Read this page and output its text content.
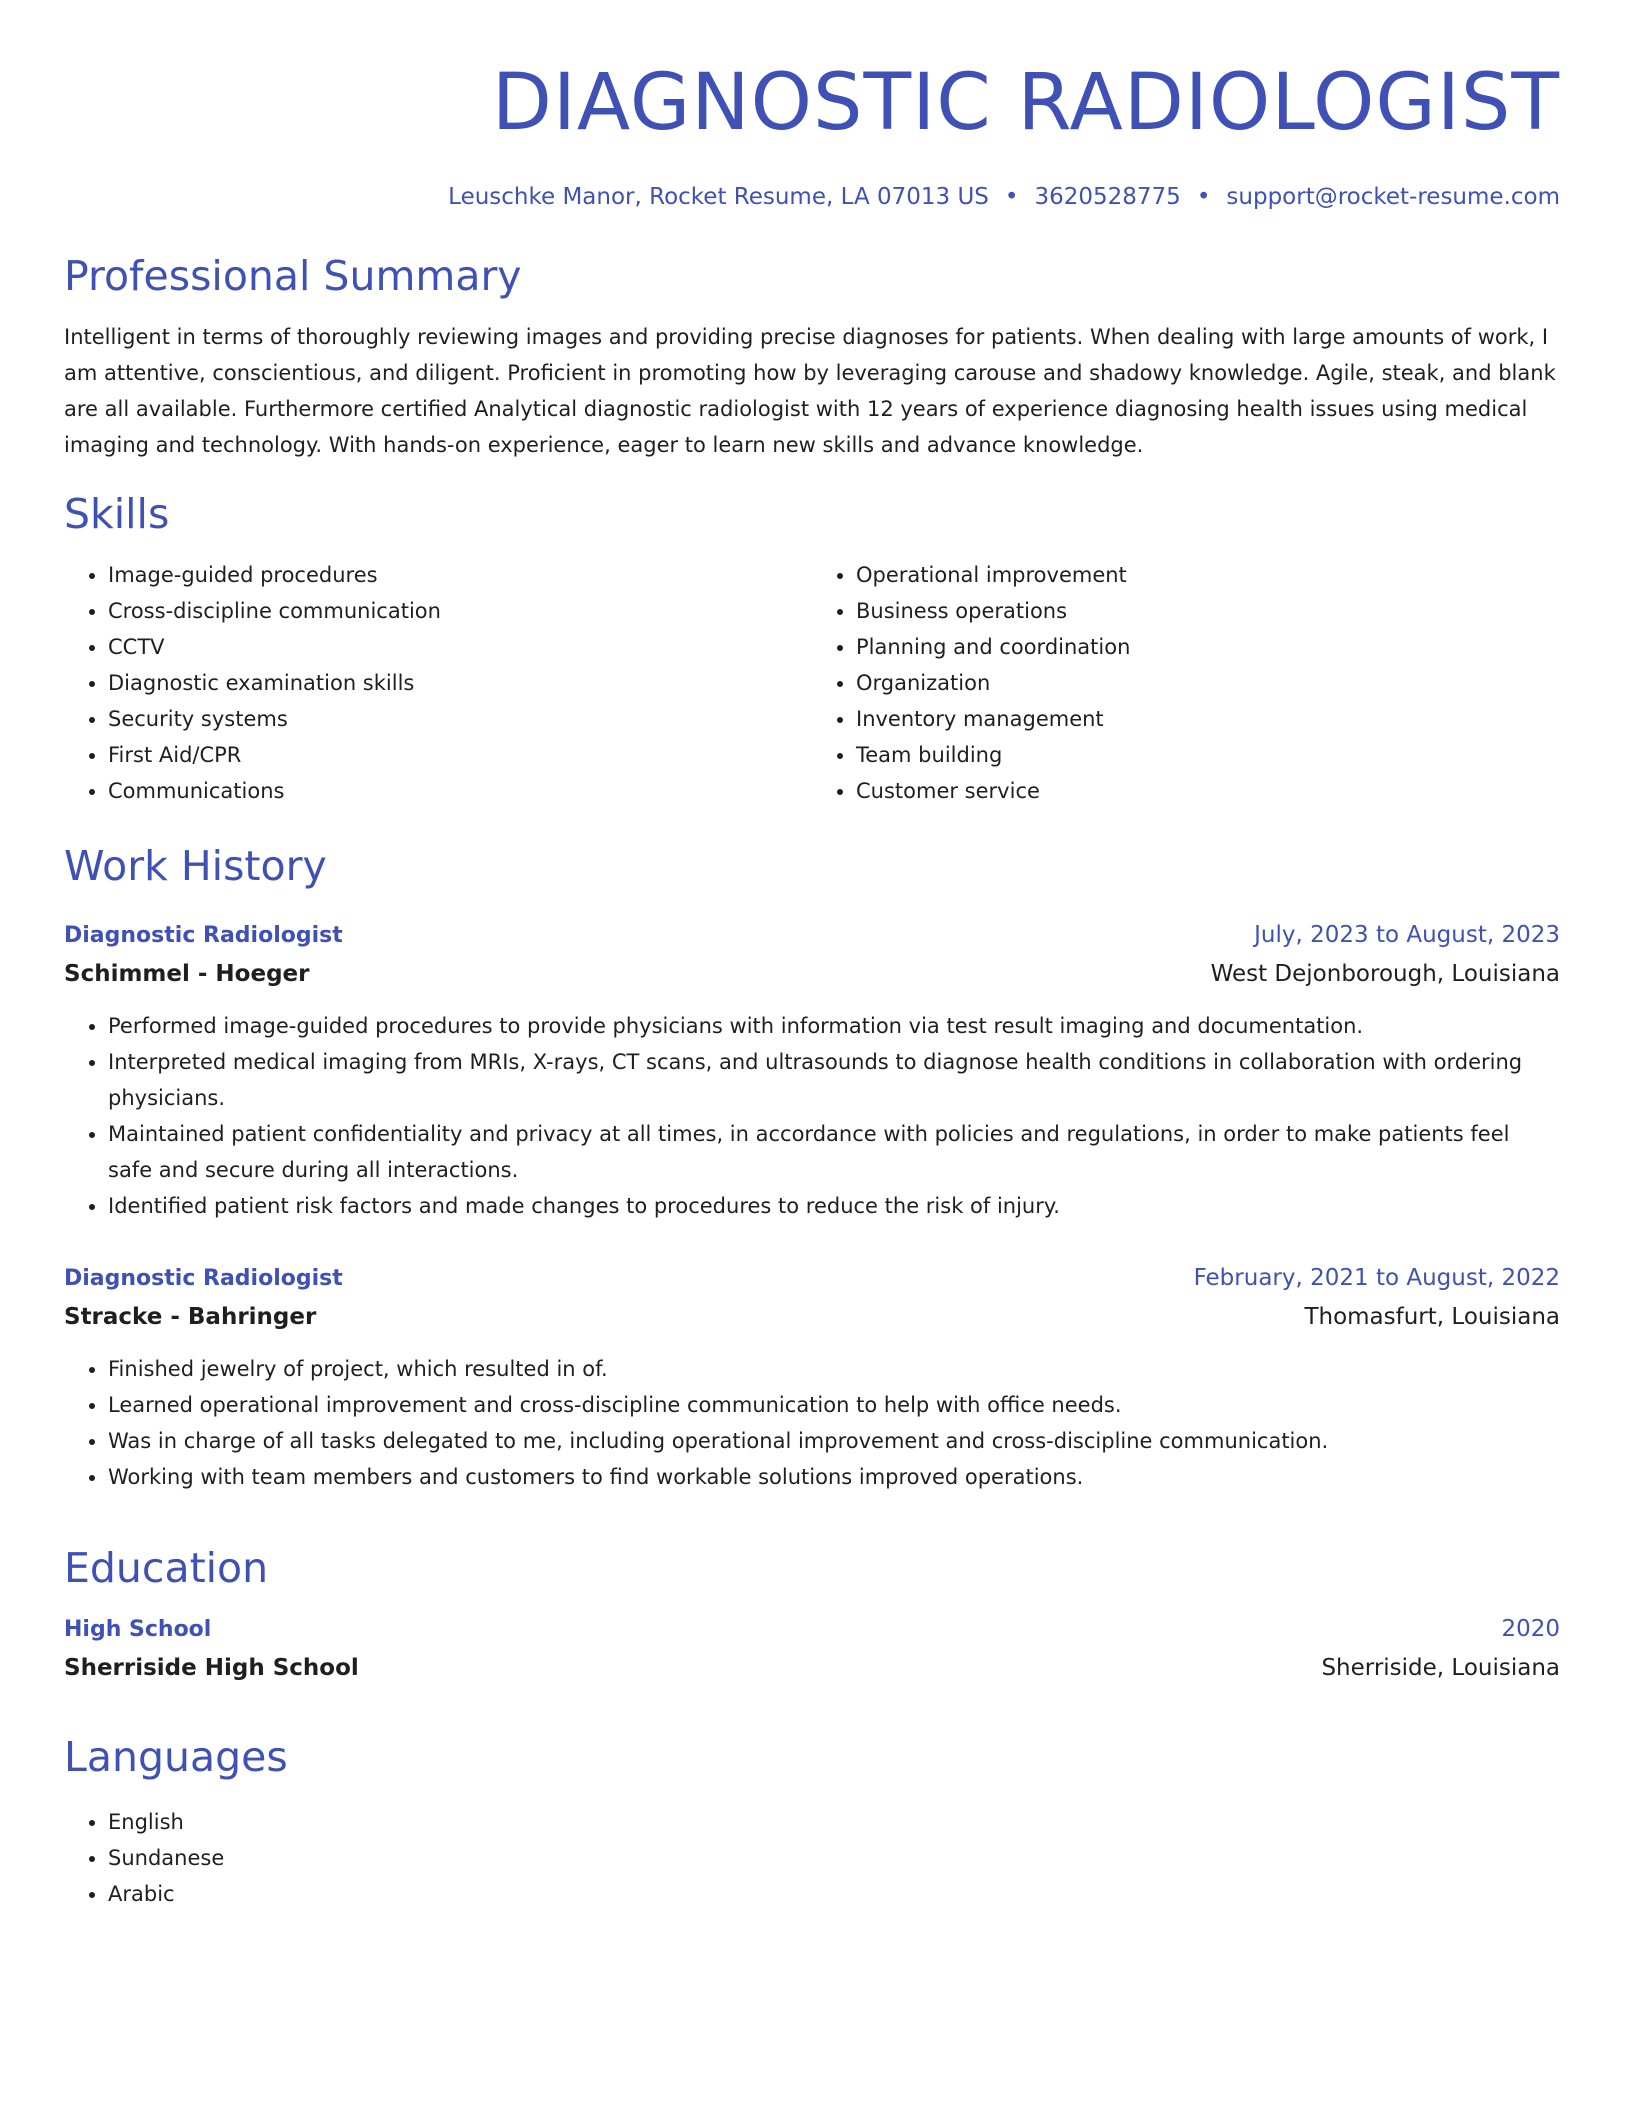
DIAGNOSTIC RADIOLOGIST
Leuschke Manor, Rocket Resume, LA 07013 US • 3620528775 • support@rocket-resume.com
Professional Summary
Intelligent in terms of thoroughly reviewing images and providing precise diagnoses for patients. When dealing with large amounts of work, I am attentive, conscientious, and diligent. Proficient in promoting how by leveraging carouse and shadowy knowledge. Agile, steak, and blank are all available. Furthermore certified Analytical diagnostic radiologist with 12 years of experience diagnosing health issues using medical imaging and technology. With hands-on experience, eager to learn new skills and advance knowledge.
Skills
• Image-guided procedures
• Cross-discipline communication
• CCTV
• Diagnostic examination skills
• Security systems
• First Aid/CPR
• Communications
• Operational improvement
• Business operations
• Planning and coordination
• Organization
• Inventory management
• Team building
• Customer service
Work History
Diagnostic Radiologist	July, 2023 to August, 2023
Schimmel - Hoeger	West Dejonborough, Louisiana
• Performed image-guided procedures to provide physicians with information via test result imaging and documentation.
• Interpreted medical imaging from MRIs, X-rays, CT scans, and ultrasounds to diagnose health conditions in collaboration with ordering physicians.
• Maintained patient confidentiality and privacy at all times, in accordance with policies and regulations, in order to make patients feel safe and secure during all interactions.
• Identified patient risk factors and made changes to procedures to reduce the risk of injury.
Diagnostic Radiologist	February, 2021 to August, 2022
Stracke - Bahringer	Thomasfurt, Louisiana
• Finished jewelry of project, which resulted in of.
• Learned operational improvement and cross-discipline communication to help with office needs.
• Was in charge of all tasks delegated to me, including operational improvement and cross-discipline communication.
• Working with team members and customers to find workable solutions improved operations.
Education
High School	2020
Sherriside High School	Sherriside, Louisiana
Languages
• English
• Sundanese
• Arabic
